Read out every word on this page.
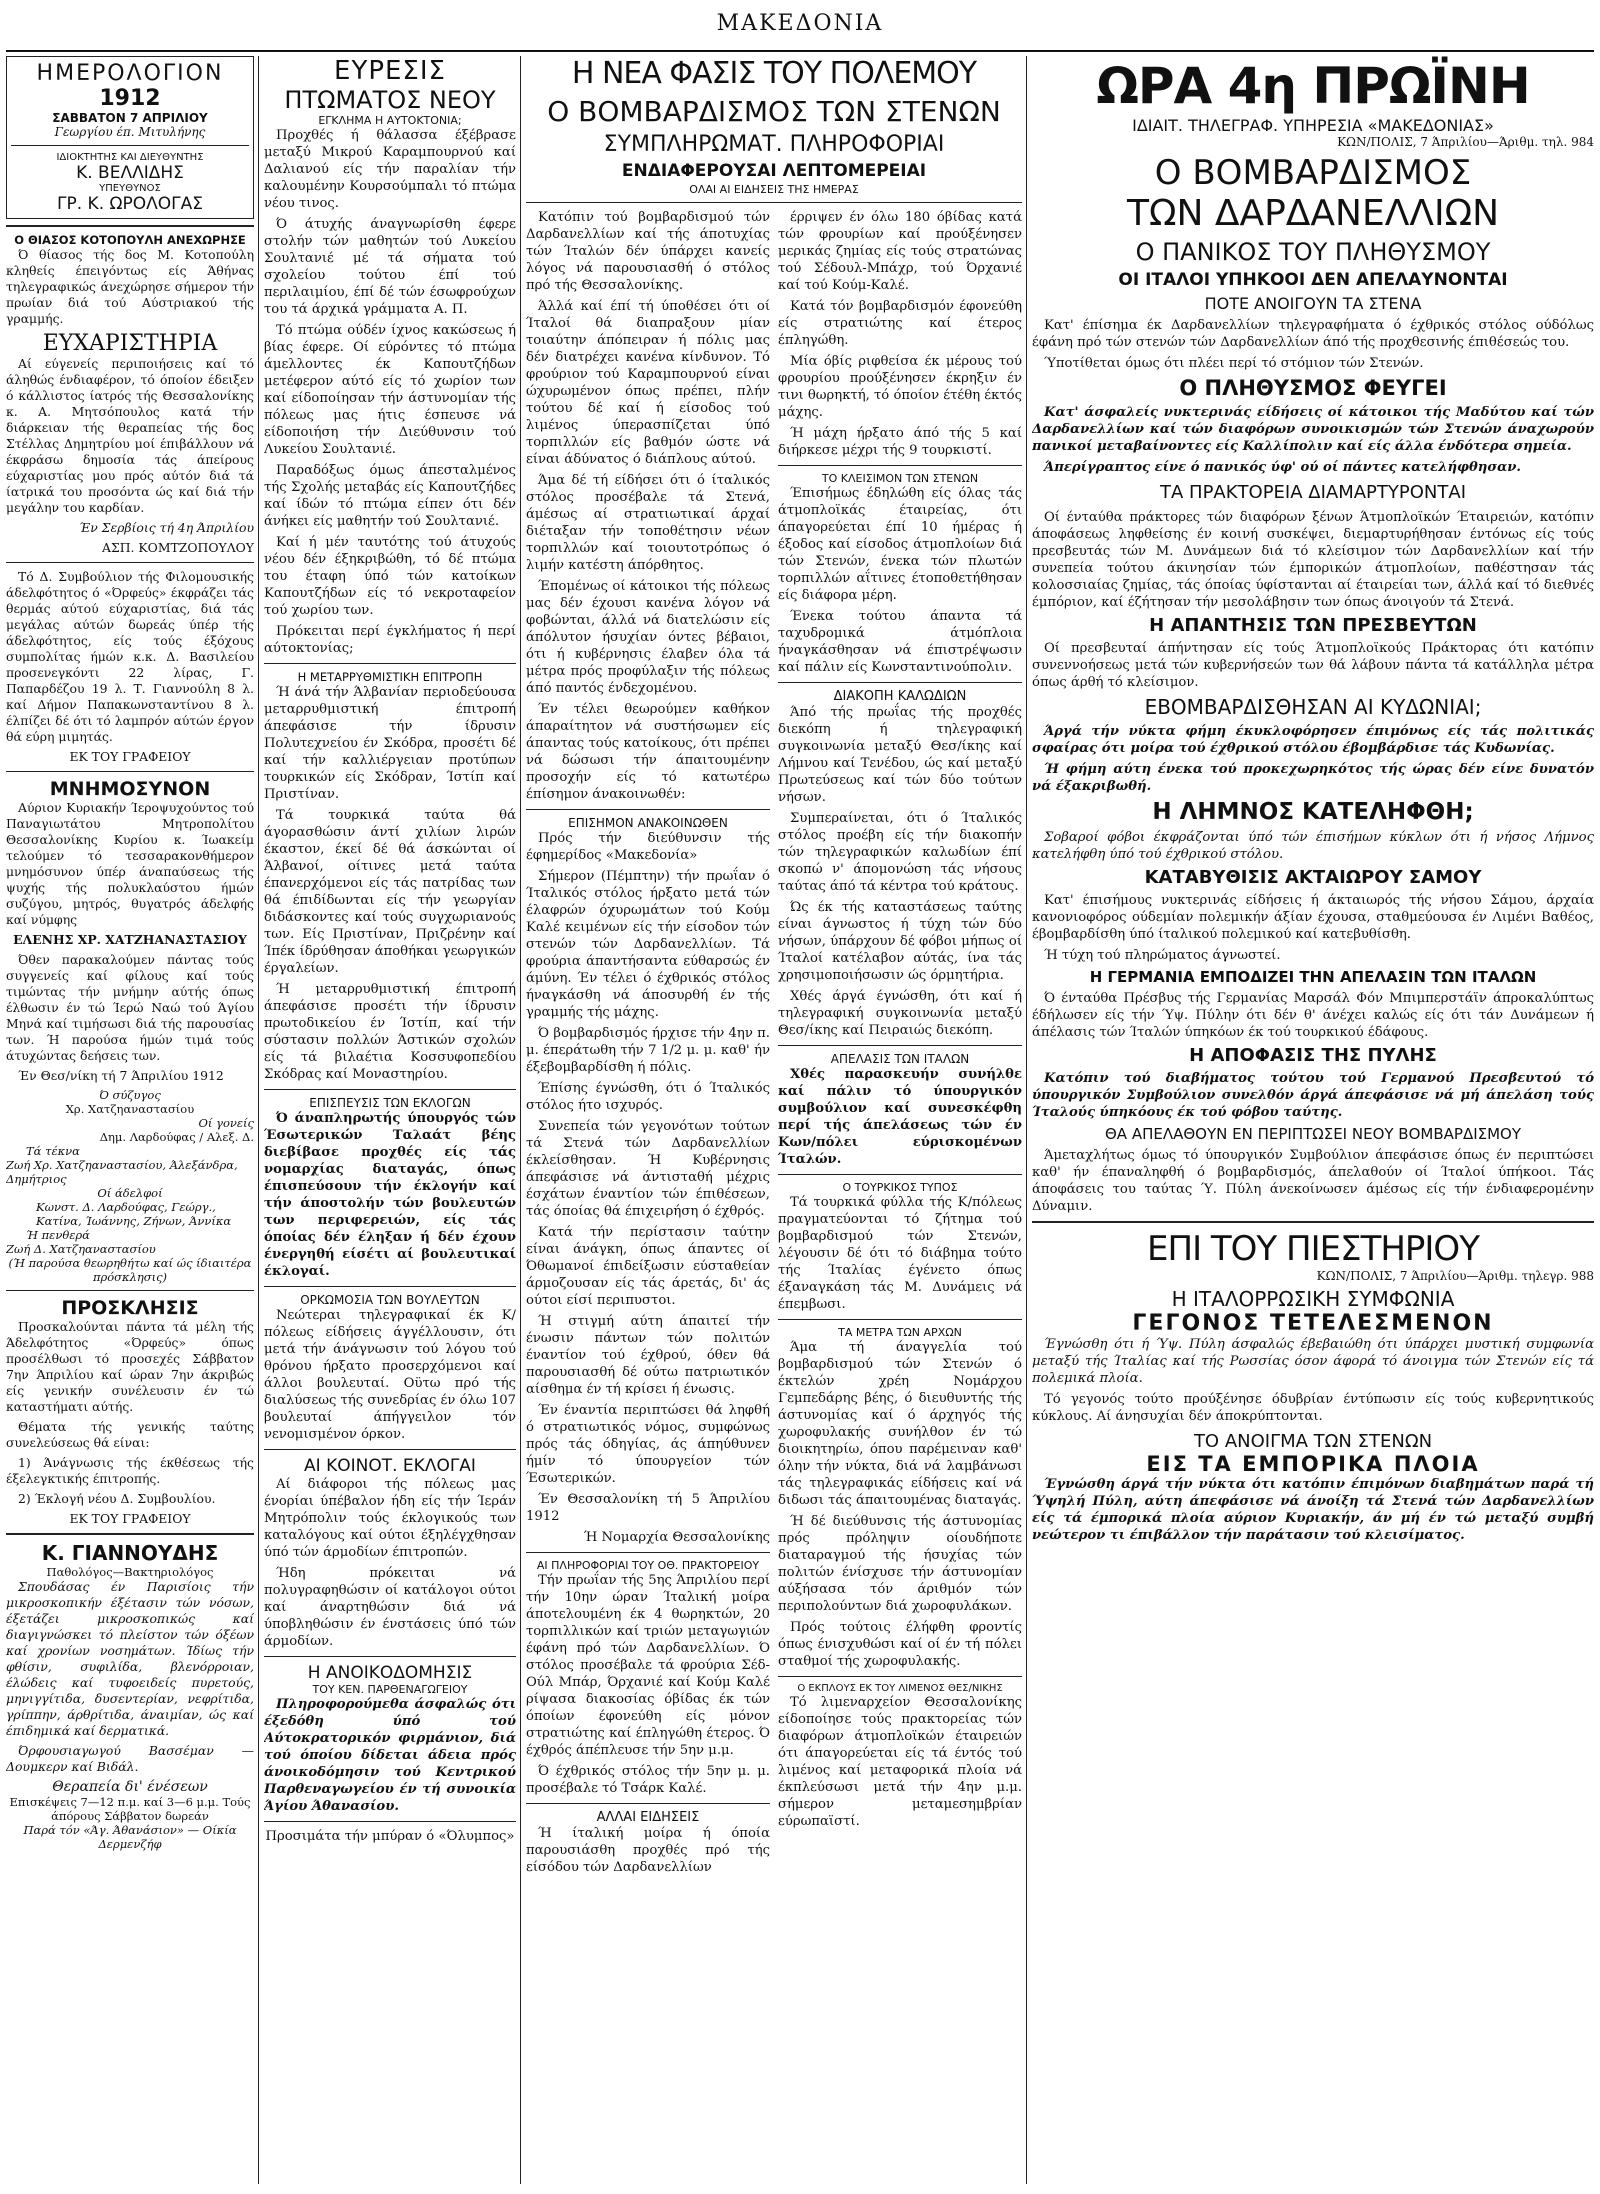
ΜΑΚΕΔΟΝΙΑ
ΗΜΕΡΟΛΟΓΙΟΝ
1912
ΣΑΒΒΑΤΟΝ 7 ΑΠΡΙΛΙΟΥ
Γεωργίου έπ. Μιτυλήνης
ΙΔΙΟΚΤΗΤΗΣ ΚΑΙ ΔΙΕΥΘΥΝΤΗΣ
Κ. ΒΕΛΛΙΔΗΣ
ΥΠΕΥΘΥΝΟΣ
ΓΡ. Κ. ΩΡΟΛΟΓΑΣ
Ο ΘΙΑΣΟΣ ΚΟΤΟΠΟΥΛΗ ΑΝΕΧΩΡΗΣΕ

Ό θίασος τής δος Μ. Κοτοπούλη κληθείς έπειγόντως είς Άθήνας τηλεγραφικώς άνεχώρησε σήμερον τήν πρωίαν διά τού Αύστριακού τής γραμμής.

ΕΥΧΑΡΙΣΤΗΡΙΑ

Αί εύγενείς περιποιήσεις καί τό άληθώς ένδιαφέρον, τό όποίον έδειξεν ό κάλλιστος ίατρός τής Θεσσαλονίκης κ. Α. Μητσόπουλος κατά τήν διάρκειαν τής θεραπείας τής δος Στέλλας Δημητρίου μοί έπιβάλλουν νά έκφράσω δημοσία τάς άπείρους εύχαριστίας μου πρός αύτόν διά τά ίατρικά του προσόντα ώς καί διά τήν μεγάλην του καρδίαν.

Έν Σερβίοις τή 4η Άπριλίου

ΑΣΠ. ΚΟΜΤΖΟΠΟΥΛΟΥ

Τό Δ. Συμβούλιον τής Φιλομουσικής άδελφότητος ό «Όρφεύς» έκφράζει τάς θερμάς αύτού εύχαριστίας, διά τάς μεγάλας αύτών δωρεάς ύπέρ τής άδελφότητος, είς τούς έξόχους συμπολίτας ήμών κ.κ. Δ. Βασιλείου προσενεγκόντι 22 λίρας, Γ. Παπαρδέζου 19 λ. Τ. Γιαννούλη 8 λ. καί Δήμον Παπακωνσταντίνου 8 λ. έλπίζει δέ ότι τό λαμπρόν αύτών έργον θά εύρη μιμητάς.

ΕΚ ΤΟΥ ΓΡΑΦΕΙΟΥ

ΜΝΗΜΟΣΥΝΟΝ

Αύριον Κυριακήν Ίεροψυχούντος τού Παναγιωτάτου Μητροπολίτου Θεσσαλονίκης Κυρίου κ. Ίωακείμ τελούμεν τό τεσσαρακονθήμερον μνημόσυνον ύπέρ άναπαύσεως τής ψυχής τής πολυκλαύστου ήμών συζύγου, μητρός, θυγατρός άδελφής καί νύμφης

ΕΛΕΝΗΣ ΧΡ. ΧΑΤΖΗΑΝΑΣΤΑΣΙΟΥ

Όθεν παρακαλούμεν πάντας τούς συγγενείς καί φίλους καί τούς τιμώντας τήν μνήμην αύτής όπως έλθωσιν έν τώ Ίερώ Ναώ τού Άγίου Μηνά καί τιμήσωσι διά τής παρουσίας των. Ή παρούσα ήμών τιμά τούς άτυχώντας δεήσεις των.

Έν Θεσ/νίκη τή 7 Άπριλίου 1912

Ό σύζυγος
Χρ. Χατζηαναστασίου
Οί γονείς
Δημ. Λαρδούφας / Αλεξ. Δ.
Τά τέκνα
Ζωή Χρ. Χατζηαναστασίου, Άλεξάνδρα, Δημήτριος
Οί άδελφοί
Κωνστ. Δ. Λαρδούφας, Γεώργ., Κατίνα, Ίωάννης, Ζήνων, Άννίκα
Ή πενθερά
Ζωή Δ. Χατζηαναστασίου
(Ή παρούσα θεωρηθήτω καί ώς ίδιαιτέρα πρόσκλησις)
ΠΡΟΣΚΛΗΣΙΣ

Προσκαλούνται πάντα τά μέλη τής Άδελφότητος «Όρφεύς» όπως προσέλθωσι τό προσεχές Σάββατον 7ην Άπριλίου καί ώραν 7ην άκριβώς είς γενικήν συνέλευσιν έν τώ καταστήματι αύτής.

Θέματα τής γενικής ταύτης συνελεύσεως θά είναι:

1) Άνάγνωσις τής έκθέσεως τής έξελεγκτικής έπιτροπής.

2) Έκλογή νέου Δ. Συμβουλίου.

ΕΚ ΤΟΥ ΓΡΑΦΕΙΟΥ

Κ. ΓΙΑΝΝΟΥΔΗΣ
Παθολόγος—Βακτηριολόγος

Σπουδάσας έν Παρισίοις τήν μικροσκοπικήν έξέτασιν τών νόσων, έξετάζει μικροσκοπικώς καί διαγιγνώσκει τό πλείστον τών όξέων καί χρονίων νοσημάτων. Ίδίως τήν φθίσιν, συφιλίδα, βλενόρροιαν, έλώδεις καί τυφοειδείς πυρετούς, μηνιγγίτιδα, δυσεντερίαν, νεφρίτιδα, γρίππην, άρθρίτιδα, άναιμίαν, ώς καί έπιδημικά καί δερματικά.

Όρφουσιαγωγού Βασσέμαν — Δουμκερν καί Βιδάλ.

Θεραπεία δι' ένέσεων
Επισκέψεις 7—12 π.μ. καί 3—6 μ.μ. Τούς άπόρους Σάββατον δωρεάν
Παρά τόν «Άγ. Άθανάσιον» — Οίκία Δερμενζήφ
ΕΥΡΕΣΙΣ
ΠΤΩΜΑΤΟΣ ΝΕΟΥ
ΕΓΚΛΗΜΑ Η ΑΥΤΟΚΤΟΝΙΑ;

Προχθές ή θάλασσα έξέβρασε μεταξύ Μικρού Καραμπουρνού καί Δαλιανού είς τήν παραλίαν τήν καλουμένην Κουρσούμπαλι τό πτώμα νέου τινος.

Ό άτυχής άναγνωρίσθη έφερε στολήν τών μαθητών τού Λυκείου Σουλτανιέ μέ τά σήματα τού σχολείου τούτου έπί τού περιλαιμίου, έπί δέ τών έσωφρούχων του τά άρχικά γράμματα Α. Π.

Τό πτώμα ούδέν ίχνος κακώσεως ή βίας έφερε. Οί εύρόντες τό πτώμα άμελλοντες έκ Καπουτζήδων μετέφερον αύτό είς τό χωρίον των καί είδοποίησαν τήν άστυνομίαν τής πόλεως μας ήτις έσπευσε νά είδοποιήση τήν Διεύθυνσιν τού Λυκείου Σουλτανιέ.

Παραδόξως όμως άπεσταλμένος τής Σχολής μεταβάς είς Καπουτζήδες καί ίδών τό πτώμα είπεν ότι δέν άνήκει είς μαθητήν τού Σουλτανιέ.

Καί ή μέν ταυτότης τού άτυχούς νέου δέν έξηκριβώθη, τό δέ πτώμα του έταφη ύπό τών κατοίκων Καπουτζήδων είς τό νεκροταφείον τού χωρίου των.

Πρόκειται περί έγκλήματος ή περί αύτοκτονίας;

Η ΜΕΤΑΡΡΥΘΜΙΣΤΙΚΗ ΕΠΙΤΡΟΠΗ

Ή άνά τήν Άλβανίαν περιοδεύουσα μεταρρυθμιστική έπιτροπή άπεφάσισε τήν ίδρυσιν Πολυτεχνείου έν Σκόδρα, προσέτι δέ καί τήν καλλιέργειαν προτύπων τουρκικών είς Σκόδραν, Ίστίπ καί Πριστίναν.

Τά τουρκικά ταύτα θά άγορασθώσιν άντί χιλίων λιρών έκαστον, έκεί δέ θά άσκώνται οί Άλβανοί, οίτινες μετά ταύτα έπανερχόμενοι είς τάς πατρίδας των θά έπιδίδωνται είς τήν γεωργίαν διδάσκοντες καί τούς συγχωριανούς των. Είς Πριστίναν, Πριζρένην καί Ίπέκ ίδρύθησαν άποθήκαι γεωργικών έργαλείων.

Ή μεταρρυθμιστική έπιτροπή άπεφάσισε προσέτι τήν ίδρυσιν πρωτοδικείου έν Ίστίπ, καί τήν σύστασιν πολλών Άστικών σχολών είς τά βιλαέτια Κοσσυφοπεδίου Σκόδρας καί Μοναστηρίου.

ΕΠΙΣΠΕΥΣΙΣ ΤΩΝ ΕΚΛΟΓΩΝ

Ό άναπληρωτής ύπουργός τών Έσωτερικών Ταλαάτ βέης διεβίβασε προχθές είς τάς νομαρχίας διαταγάς, όπως έπισπεύσουν τήν έκλογήν καί τήν άποστολήν τών βουλευτών των περιφερειών, είς τάς όποίας δέν έληξαν ή δέν έχουν ένεργηθή είσέτι αί βουλευτικαί έκλογαί.

ΟΡΚΩΜΟΣΙΑ ΤΩΝ ΒΟΥΛΕΥΤΩΝ

Νεώτεραι τηλεγραφικαί έκ Κ/πόλεως είδήσεις άγγέλλουσιν, ότι μετά τήν άνάγνωσιν τού λόγου τού θρόνου ήρξατο προσερχόμενοι καί άλλοι βουλευταί. Οϋτω πρό τής διαλύσεως τής συνεδρίας έν όλω 107 βουλευταί άπήγγειλον τόν νενομισμένον όρκον.

ΑΙ ΚΟΙΝΟΤ. ΕΚΛΟΓΑΙ

Αί διάφοροι τής πόλεως μας ένορίαι ύπέβαλον ήδη είς τήν Ίεράν Μητρόπολιν τούς έκλογικούς των καταλόγους καί ούτοι έξηλέγχθησαν ύπό τών άρμοδίων έπιτροπών.

Ήδη πρόκειται νά πολυγραφηθώσιν οί κατάλογοι ούτοι καί άναρτηθώσιν διά νά ύποβληθώσιν έν ένστάσεις ύπό τών άρμοδίων.

Η ΑΝΟΙΚΟΔΟΜΗΣΙΣ
ΤΟΥ ΚΕΝ. ΠΑΡΘΕΝΑΓΩΓΕΙΟΥ

Πληροφορούμεθα άσφαλώς ότι έξεδόθη ύπό τού Αύτοκρατορικόν φιρμάνιον, διά τού όποίου δίδεται άδεια πρός άνοικοδόμησιν τού Κεντρικού Παρθεναγωγείου έν τή συνοικία Άγίου Άθανασίου.

Προσιμάτα τήν μπύραν ό «Όλυμπος»

Η ΝΕΑ ΦΑΣΙΣ ΤΟΥ ΠΟΛΕΜΟΥ
Ο ΒΟΜΒΑΡΔΙΣΜΟΣ ΤΩΝ ΣΤΕΝΩΝ
ΣΥΜΠΛΗΡΩΜΑΤ. ΠΛΗΡΟΦΟΡΙΑΙ
ΕΝΔΙΑΦΕΡΟΥΣΑΙ ΛΕΠΤΟΜΕΡΕΙΑΙ
ΟΛΑΙ ΑΙ ΕΙΔΗΣΕΙΣ ΤΗΣ ΗΜΕΡΑΣ

Κατόπιν τού βομβαρδισμού τών Δαρδανελλίων καί τής άποτυχίας τών Ίταλών δέν ύπάρχει κανείς λόγος νά παρουσιασθή ό στόλος πρό τής Θεσσαλονίκης.

Άλλά καί έπί τή ύποθέσει ότι οί Ίταλοί θά διαπραξουν μίαν τοιαύτην άπόπειραν ή πόλις μας δέν διατρέχει κανένα κίνδυνον. Τό φρούριον τού Καραμπουρνού είναι ώχυρωμένον όπως πρέπει, πλήν τούτου δέ καί ή είσοδος τού λιμένος ύπερασπίζεται ύπό τορπιλλών είς βαθμόν ώστε νά είναι άδύνατος ό διάπλους αύτού.

Άμα δέ τή είδήσει ότι ό ίταλικός στόλος προσέβαλε τά Στενά, άμέσως αί στρατιωτικαί άρχαί διέταξαν τήν τοποθέτησιν νέων τορπιλλών καί τοιουτοτρόπως ό λιμήν κατέστη άπόρθητος.

Έπομένως οί κάτοικοι τής πόλεως μας δέν έχουσι κανένα λόγον νά φοβώνται, άλλά νά διατελώσιν είς άπόλυτον ήσυχίαν όντες βέβαιοι, ότι ή κυβέρνησις έλαβεν όλα τά μέτρα πρός προφύλαξιν τής πόλεως άπό παντός ένδεχομένου.

Έν τέλει θεωρούμεν καθήκον άπαραίτητον νά συστήσωμεν είς άπαντας τούς κατοίκους, ότι πρέπει νά δώσωσι τήν άπαιτουμένην προσοχήν είς τό κατωτέρω έπίσημον άνακοινωθέν:

ΕΠΙΣΗΜΟΝ ΑΝΑΚΟΙΝΩΘΕΝ

Πρός τήν διεύθυνσιν τής έφημερίδος «Μακεδονία»

Σήμερον (Πέμπτην) τήν πρωΐαν ό Ίταλικός στόλος ήρξατο μετά τών έλαφρών όχυρωμάτων τού Κούμ Καλέ κειμένων είς τήν είσοδον τών στενών τών Δαρδανελλίων. Τά φρούρια άπαντήσαντα εύθαρσώς έν άμύνη. Έν τέλει ό έχθρικός στόλος ήναγκάσθη νά άποσυρθή έν τής γραμμής τής μάχης.

Ό βομβαρδισμός ήρχισε τήν 4ην π. μ. έπεράτωθη τήν 7 1/2 μ. μ. καθ' ήν έξεβομβαρδίσθη ή πόλις.

Έπίσης έγνώσθη, ότι ό Ίταλικός στόλος ήτο ισχυρός.

Συνεπεία τών γεγονότων τούτων τά Στενά τών Δαρδανελλίων έκλείσθησαν. Ή Κυβέρνησις άπεφάσισε νά άντισταθή μέχρις έσχάτων έναντίον τών έπιθέσεων, τάς όποίας θά έπιχειρήση ό έχθρός.

Κατά τήν περίστασιν ταύτην είναι άνάγκη, όπως άπαντες οί Όθωμανοί έπιδείξωσιν εύσταθείαν άρμοζουσαν είς τάς άρετάς, δι' άς ούτοι είσί περιπυστοι.

Ή στιγμή αύτη άπαιτεί τήν ένωσιν πάντων τών πολιτών έναντίον τού έχθρού, όθεν θά παρουσιασθή δέ ούτω πατριωτικόν αίσθημα έν τή κρίσει ή ένωσις.

Έν έναντία περιπτώσει θά ληφθή ό στρατιωτικός νόμος, συμφώνως πρός τάς όδηγίας, άς άπηύθυνεν ήμίν τό ύπουργείον τών Έσωτερικών.

Έν Θεσσαλονίκη τή 5 Άπριλίου 1912

Ή Νομαρχία Θεσσαλονίκης

ΑΙ ΠΛΗΡΟΦΟΡΙΑΙ ΤΟΥ ΟΘ. ΠΡΑΚΤΟΡΕΙΟΥ

Τήν πρωΐαν τής 5ης Άπριλίου περί τήν 10ην ώραν Ίταλική μοίρα άποτελουμένη έκ 4 θωρηκτών, 20 τορπιλλικών καί τριών μεταγωγιών έφάνη πρό τών Δαρδανελλίων. Ό στόλος προσέβαλε τά φρούρια Σέδ-Ούλ Μπάρ, Όρχανιέ καί Κούμ Καλέ ρίψασα διακοσίας όβίδας έκ τών όποίων έφονεύθη είς μόνον στρατιώτης καί έπληγώθη έτερος. Ό έχθρός άπέπλευσε τήν 5ην μ.μ.

Ό έχθρικός στόλος τήν 5ην μ. μ. προσέβαλε τό Τσάρκ Καλέ.

ΑΛΛΑΙ ΕΙΔΗΣΕΙΣ

Ή ίταλική μοίρα ή όποία παρουσιάσθη προχθές πρό τής είσόδου τών Δαρδανελλίων

έρριψεν έν όλω 180 όβίδας κατά τών φρουρίων καί προύξένησεν μερικάς ζημίας είς τούς στρατώνας τού Σέδουλ-Μπάχρ, τού Όρχανιέ καί τού Κούμ-Καλέ.

Κατά τόν βομβαρδισμόν έφονεύθη είς στρατιώτης καί έτερος έπληγώθη.

Μία όβίς ριφθείσα έκ μέρους τού φρουρίου προύξένησεν έκρηξιν έν τινι θωρηκτή, τό όποίον έτέθη έκτός μάχης.

Ή μάχη ήρξατο άπό τής 5 καί διήρκεσε μέχρι τής 9 τουρκιστί.

ΤΟ ΚΛΕΙΣΙΜΟΝ ΤΩΝ ΣΤΕΝΩΝ

Έπισήμως έδηλώθη είς όλας τάς άτμοπλοϊκάς έταιρείας, ότι άπαγορεύεται έπί 10 ήμέρας ή έξοδος καί είσοδος άτμοπλοίων διά τών Στενών, ένεκα τών πλωτών τορπιλλών αΐτινες έτοποθετήθησαν είς διάφορα μέρη.

Ένεκα τούτου άπαντα τά ταχυδρομικά άτμόπλοια ήναγκάσθησαν νά έπιστρέψωσιν καί πάλιν είς Κωνσταντινούπολιν.

ΔΙΑΚΟΠΗ ΚΑΛΩΔΙΩΝ

Άπό τής πρωΐας τής προχθές διεκόπη ή τηλεγραφική συγκοινωνία μεταξύ Θεσ/ίκης καί Λήμνου καί Τενέδου, ώς καί μεταξύ Πρωτεύσεως καί τών δύο τούτων νήσων.

Συμπεραίνεται, ότι ό Ίταλικός στόλος προέβη είς τήν διακοπήν τών τηλεγραφικών καλωδίων έπί σκοπώ ν' άπομονώση τάς νήσους ταύτας άπό τά κέντρα τού κράτους.

Ώς έκ τής καταστάσεως ταύτης είναι άγνωστος ή τύχη τών δύο νήσων, ύπάρχουν δέ φόβοι μήπως οί Ίταλοί κατέλαβον αύτάς, ίνα τάς χρησιμοποιήσωσιν ώς όρμητήρια.

Χθές άργά έγνώσθη, ότι καί ή τηλεγραφική συγκοινωνία μεταξύ Θεσ/ίκης καί Πειραιώς διεκόπη.

ΑΠΕΛΑΣΙΣ ΤΩΝ ΙΤΑΛΩΝ

Χθές παρασκευήν συνήλθε καί πάλιν τό ύπουργικόν συμβούλιον καί συνεσκέφθη περί τής άπελάσεως τών έν Κων/πόλει εύρισκομένων Ίταλών.

Ο ΤΟΥΡΚΙΚΟΣ ΤΥΠΟΣ

Τά τουρκικά φύλλα τής Κ/πόλεως πραγματεύονται τό ζήτημα τού βομβαρδισμού τών Στενών, λέγουσιν δέ ότι τό διάβημα τούτο τής Ίταλίας έγένετο όπως έξαναγκάση τάς Μ. Δυνάμεις νά έπεμβωσι.

ΤΑ ΜΕΤΡΑ ΤΩΝ ΑΡΧΩΝ

Άμα τή άναγγελία τού βομβαρδισμού τών Στενών ό έκτελών χρέη Νομάρχου Γεμπεδάρης βέης, ό διευθυντής τής άστυνομίας καί ό άρχηγός τής χωροφυλακής συνήλθον έν τώ διοικητηρίω, όπου παρέμειναν καθ' όλην τήν νύκτα, διά νά λαμβάνωσι τάς τηλεγραφικάς είδήσεις καί νά διδωσι τάς άπαιτουμένας διαταγάς.

Ή δέ διεύθυνσις τής άστυνομίας πρός πρόληψιν οίουδήποτε διαταραγμού τής ήσυχίας τών πολιτών ένίσχυσε τήν άστυνομίαν αύξήσασα τόν άριθμόν τών περιπολούντων διά χωροφυλάκων.

Πρός τούτοις έλήφθη φροντίς όπως ένισχυθώσι καί οί έν τή πόλει σταθμοί τής χωροφυλακής.

Ο ΕΚΠΛΟΥΣ ΕΚ ΤΟΥ ΛΙΜΕΝΟΣ ΘΕΣ/ΝΙΚΗΣ

Τό λιμεναρχείον Θεσσαλονίκης είδοποίησε τούς πρακτορείας τών διαφόρων άτμοπλοϊκών έταιρειών ότι άπαγορεύεται είς τά έντός τού λιμένος καί μεταφορικά πλοία νά έκπλεύσωσι μετά τήν 4ην μ.μ. σήμερον μεταμεσημβρίαν εύρωπαϊστί.

ΩΡΑ 4η ΠΡΩΪΝΗ
ΙΔΙΑΙΤ. ΤΗΛΕΓΡΑΦ. ΥΠΗΡΕΣΙΑ «ΜΑΚΕΔΟΝΙΑΣ»
ΚΩΝ/ΠΟΛΙΣ, 7 Άπριλίου—Άριθμ. τηλ. 984
Ο ΒΟΜΒΑΡΔΙΣΜΟΣ
ΤΩΝ ΔΑΡΔΑΝΕΛΛΙΩΝ
Ο ΠΑΝΙΚΟΣ ΤΟΥ ΠΛΗΘΥΣΜΟΥ
ΟΙ ΙΤΑΛΟΙ ΥΠΗΚΟΟΙ ΔΕΝ ΑΠΕΛΑΥΝΟΝΤΑΙ
ΠΟΤΕ ΑΝΟΙΓΟΥΝ ΤΑ ΣΤΕΝΑ

Κατ' έπίσημα έκ Δαρδανελλίων τηλεγραφήματα ό έχθρικός στόλος ούδόλως έφάνη πρό τών στενών τών Δαρδανελλίων άπό τής προχθεσινής έπιθέσεώς του.

Ύποτίθεται όμως ότι πλέει περί τό στόμιον τών Στενών.

Ο ΠΛΗΘΥΣΜΟΣ ΦΕΥΓΕΙ

Κατ' άσφαλείς νυκτερινάς είδήσεις οί κάτοικοι τής Μαδύτου καί τών Δαρδανελλίων καί τών διαφόρων συνοικισμών τών Στενών άναχωρούν πανικοί μεταβαίνοντες είς Καλλίπολιν καί είς άλλα ένδότερα σημεία.

Άπερίγραπτος είνε ό πανικός ύφ' ού οί πάντες κατελήφθησαν.

ΤΑ ΠΡΑΚΤΟΡΕΙΑ ΔΙΑΜΑΡΤΥΡΟΝΤΑΙ

Οί ένταύθα πράκτορες τών διαφόρων ξένων Άτμοπλοϊκών Έταιρειών, κατόπιν άποφάσεως ληφθείσης έν κοινή συσκέψει, διεμαρτυρήθησαν έντόνως είς τούς πρεσβευτάς τών Μ. Δυνάμεων διά τό κλείσιμον τών Δαρδανελλίων καί τήν συνεπεία τούτου άκινησίαν τών έμπορικών άτμοπλοίων, παθέστησαν τάς κολοσσιαίας ζημίας, τάς όποίας ύφίστανται αί έταιρείαι των, άλλά καί τό διεθνές έμπόριον, καί έζήτησαν τήν μεσολάβησιν των όπως άνοιγούν τά Στενά.

Η ΑΠΑΝΤΗΣΙΣ ΤΩΝ ΠΡΕΣΒΕΥΤΩΝ

Οί πρεσβευταί άπήντησαν είς τούς Άτμοπλοϊκούς Πράκτορας ότι κατόπιν συνεννοήσεως μετά τών κυβερνήσεών των θά λάβουν πάντα τά κατάλληλα μέτρα όπως άρθή τό κλείσιμον.

ΕΒΟΜΒΑΡΔΙΣΘΗΣΑΝ ΑΙ ΚΥΔΩΝΙΑΙ;

Άργά τήν νύκτα φήμη έκυκλοφόρησεν έπιμόνως είς τάς πολιτικάς σφαίρας ότι μοίρα τού έχθρικού στόλου έβομβάρδισε τάς Κυδωνίας.

Ή φήμη αύτη ένεκα τού προκεχωρηκότος τής ώρας δέν είνε δυνατόν νά έξακριβωθή.

Η ΛΗΜΝΟΣ ΚΑΤΕΛΗΦΘΗ;

Σοβαροί φόβοι έκφράζονται ύπό τών έπισήμων κύκλων ότι ή νήσος Λήμνος κατελήφθη ύπό τού έχθρικού στόλου.

ΚΑΤΑΒΥΘΙΣΙΣ ΑΚΤΑΙΩΡΟΥ ΣΑΜΟΥ

Κατ' έπισήμους νυκτερινάς είδήσεις ή άκταιωρός τής νήσου Σάμου, άρχαία κανονιοφόρος ούδεμίαν πολεμικήν άξίαν έχουσα, σταθμεύουσα έν Λιμένι Βαθέος, έβομβαρδίσθη ύπό ίταλικού πολεμικού καί κατεβυθίσθη.

Ή τύχη τού πληρώματος άγνωστεί.

Η ΓΕΡΜΑΝΙΑ ΕΜΠΟΔΙΖΕΙ ΤΗΝ ΑΠΕΛΑΣΙΝ ΤΩΝ ΙΤΑΛΩΝ

Ό ένταύθα Πρέσβυς τής Γερμανίας Μαρσάλ Φόν Μπιμπερστάϊν άπροκαλύπτως έδήλωσεν είς τήν Ύψ. Πύλην ότι δέν θ' άνέχει καλώς είς ότι τάν Δυνάμεων ή άπέλασις τών Ίταλών ύπηκόων έκ τού τουρκικού έδάφους.

Η ΑΠΟΦΑΣΙΣ ΤΗΣ ΠΥΛΗΣ

Κατόπιν τού διαβήματος τούτου τού Γερμανού Πρεσβευτού τό ύπουργικόν Συμβούλιον συνελθόν άργά άπεφάσισε νά μή άπελάση τούς Ίταλούς ύπηκόους έκ τού φόβου ταύτης.

ΘΑ ΑΠΕΛΑΘΟΥΝ ΕΝ ΠΕΡΙΠΤΩΣΕΙ ΝΕΟΥ ΒΟΜΒΑΡΔΙΣΜΟΥ

Άμεταχλήτως όμως τό ύπουργικόν Συμβούλιον άπεφάσισε όπως έν περιπτώσει καθ' ήν έπαναληφθή ό βομβαρδισμός, άπελαθούν οί Ίταλοί ύπήκοοι. Τάς άποφάσεις του ταύτας Ύ. Πύλη άνεκοίνωσεν άμέσως είς τήν ένδιαφερομένην Δύναμιν.

ΕΠΙ ΤΟΥ ΠΙΕΣΤΗΡΙΟΥ
ΚΩΝ/ΠΟΛΙΣ, 7 Άπριλίου—Άριθμ. τηλεγρ. 988
Η ΙΤΑΛΟΡΡΩΣΙΚΗ ΣΥΜΦΩΝΙΑ
ΓΕΓΟΝΟΣ ΤΕΤΕΛΕΣΜΕΝΟΝ

Έγνώσθη ότι ή Ύψ. Πύλη άσφαλώς έβεβαιώθη ότι ύπάρχει μυστική συμφωνία μεταξύ τής Ίταλίας καί τής Ρωσσίας όσον άφορά τό άνοιγμα τών Στενών είς τά πολεμικά πλοία.

Τό γεγονός τούτο προύξένησε όδυβρίαν έντύπωσιν είς τούς κυβερνητικούς κύκλους. Αί άνησυχίαι δέν άποκρύπτονται.

ΤΟ ΑΝΟΙΓΜΑ ΤΩΝ ΣΤΕΝΩΝ
ΕΙΣ ΤΑ ΕΜΠΟΡΙΚΑ ΠΛΟΙΑ

Έγνώσθη άργά τήν νύκτα ότι κατόπιν έπιμόνων διαβημάτων παρά τή Ύψηλή Πύλη, αύτη άπεφάσισε νά άνοίξη τά Στενά τών Δαρδανελλίων είς τά έμπορικά πλοία αύριον Κυριακήν, άν μή έν τώ μεταξύ συμβή νεώτερον τι έπιβάλλον τήν παράτασιν τού κλεισίματος.
